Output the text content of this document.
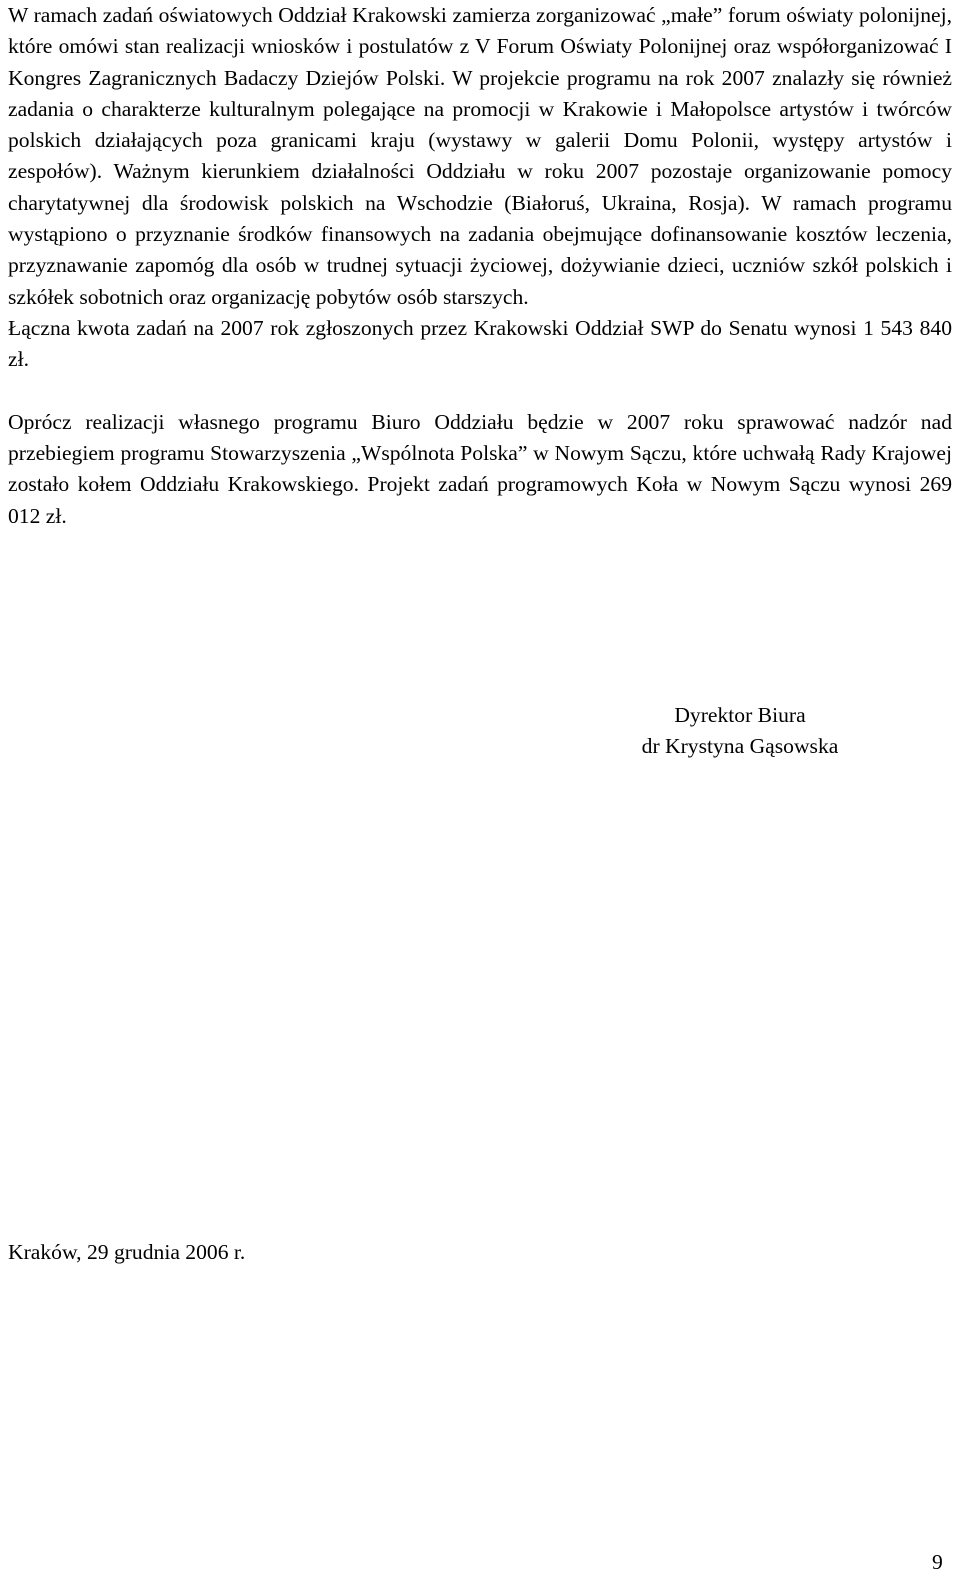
W ramach zadań oświatowych Oddział Krakowski zamierza zorganizować „małe” forum oświaty polonijnej, które omówi stan realizacji wniosków i postulatów z V Forum Oświaty Polonijnej oraz współorganizować I Kongres Zagranicznych Badaczy Dziejów Polski. W projekcie programu na rok 2007 znalazły się również zadania o charakterze kulturalnym polegające na promocji w Krakowie i Małopolsce artystów i twórców polskich działających poza granicami kraju (wystawy w galerii Domu Polonii, występy artystów i zespołów). Ważnym kierunkiem działalności Oddziału w roku 2007 pozostaje organizowanie pomocy charytatywnej dla środowisk polskich na Wschodzie (Białoruś, Ukraina, Rosja). W ramach programu wystąpiono o przyznanie środków finansowych na zadania obejmujące dofinansowanie kosztów leczenia, przyznawanie zapomóg dla osób w trudnej sytuacji życiowej, dożywianie dzieci, uczniów szkół polskich i szkółek sobotnich oraz organizację pobytów osób starszych.

Łączna kwota zadań na 2007 rok zgłoszonych przez Krakowski Oddział SWP do Senatu wynosi 1 543 840 zł.

Oprócz realizacji własnego programu Biuro Oddziału będzie w 2007 roku sprawować nadzór nad przebiegiem programu Stowarzyszenia „Wspólnota Polska” w Nowym Sączu, które uchwałą Rady Krajowej zostało kołem Oddziału Krakowskiego. Projekt zadań programowych Koła w Nowym Sączu wynosi 269 012 zł.

Dyrektor Biura
dr Krystyna Gąsowska
Kraków, 29 grudnia 2006 r.
9
